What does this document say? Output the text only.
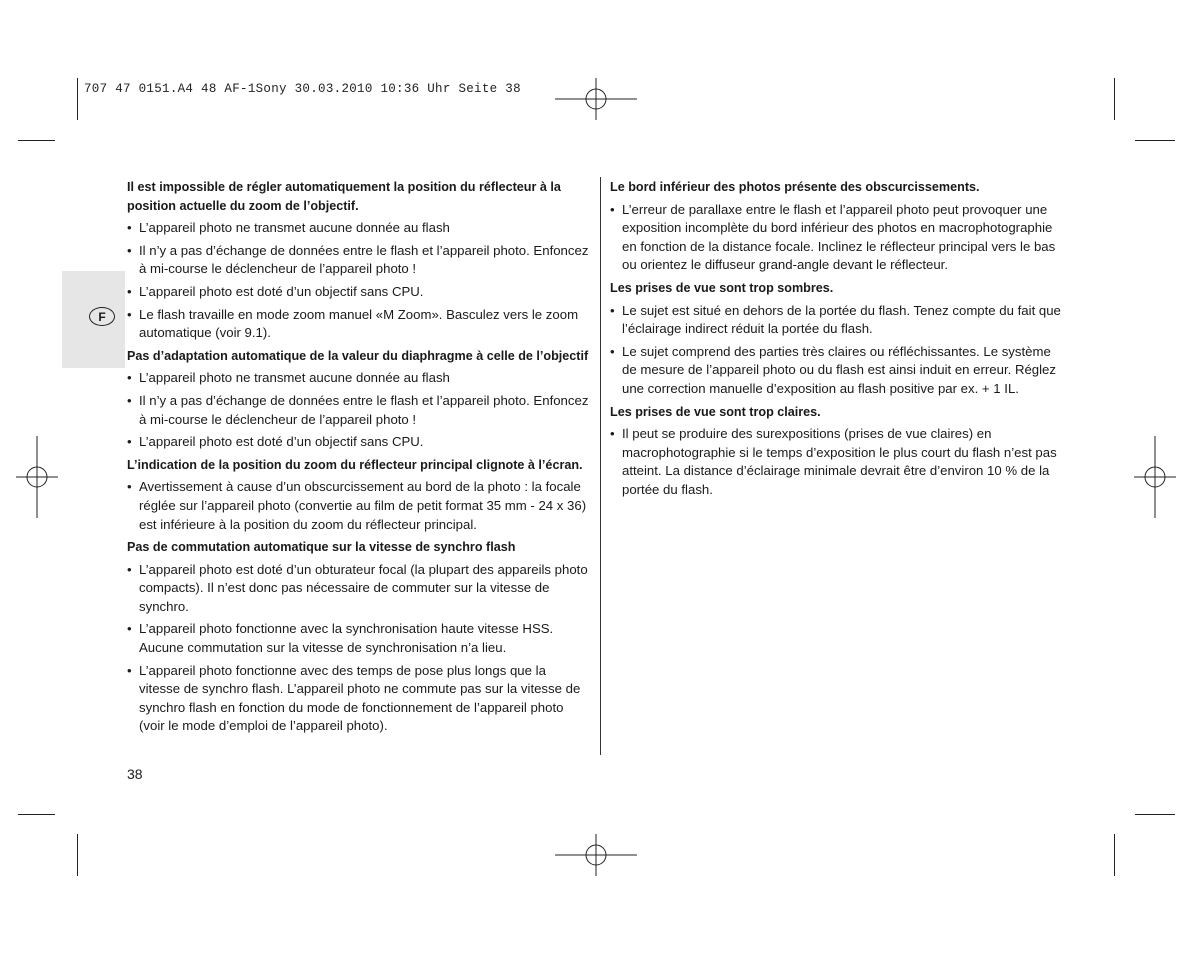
707 47 0151.A4 48 AF-1Sony 30.03.2010 10:36 Uhr Seite 38
F
Il est impossible de régler automatiquement la position du réflecteur à la position actuelle du zoom de l’objectif.
• L’appareil photo ne transmet aucune donnée au flash
• Il n’y a pas d’échange de données entre le flash et l’appareil photo. Enfoncez à mi-course le déclencheur de l’appareil photo !
• L’appareil photo est doté d’un objectif sans CPU.
• Le flash travaille en mode zoom manuel «M Zoom». Basculez vers le zoom automatique (voir 9.1).
Pas d’adaptation automatique de la valeur du diaphragme à celle de l’objectif
• L’appareil photo ne transmet aucune donnée au flash
• Il n’y a pas d’échange de données entre le flash et l’appareil photo. Enfoncez à mi-course le déclencheur de l’appareil photo !
• L’appareil photo est doté d’un objectif sans CPU.
L’indication de la position du zoom du réflecteur principal clignote à l’écran.
• Avertissement à cause d’un obscurcissement au bord de la photo : la focale réglée sur l’appareil photo (convertie au film de petit format 35 mm - 24 x 36) est inférieure à la position du zoom du réflecteur principal.
Pas de commutation automatique sur la vitesse de synchro flash
• L’appareil photo est doté d’un obturateur focal (la plupart des appareils photo compacts). Il n’est donc pas nécessaire de commuter sur la vitesse de synchro.
• L’appareil photo fonctionne avec la synchronisation haute vitesse HSS. Aucune commutation sur la vitesse de synchronisation n’a lieu.
• L’appareil photo fonctionne avec des temps de pose plus longs que la vitesse de synchro flash. L’appareil photo ne commute pas sur la vitesse de synchro flash en fonction du mode de fonctionnement de l’appareil photo (voir le mode d’emploi de l’appareil photo).
Le bord inférieur des photos présente des obscurcissements.
• L’erreur de parallaxe entre le flash et l’appareil photo peut provoquer une exposition incomplète du bord inférieur des photos en macrophotographie en fonction de la distance focale. Inclinez le réflecteur principal vers le bas ou orientez le diffuseur grand-angle devant le réflecteur.
Les prises de vue sont trop sombres.
• Le sujet est situé en dehors de la portée du flash. Tenez compte du fait que l’éclairage indirect réduit la portée du flash.
• Le sujet comprend des parties très claires ou réfléchissantes. Le système de mesure de l’appareil photo ou du flash est ainsi induit en erreur. Réglez une correction manuelle d’exposition au flash positive par ex. + 1 IL.
Les prises de vue sont trop claires.
• Il peut se produire des surexpositions (prises de vue claires) en macrophotographie si le temps d’exposition le plus court du flash n’est pas atteint. La distance d’éclairage minimale devrait être d’environ 10 % de la portée du flash.
38
